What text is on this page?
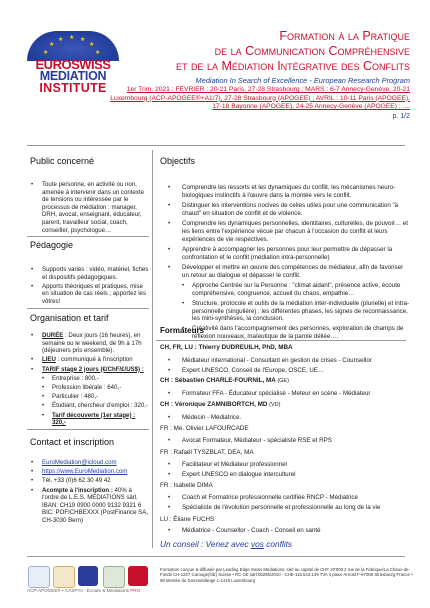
★
★
★ ★ ★
★
★
EUROSWISS
MEDIATION
INSTITUTE
Formation à la Pratique
de la Communication Compréhensive
et de la Médiation Intégrative des Conflits
Mediation In Search of Excellence - European Research Program
1er Trim. 2021 : FÉVRIER : 20-21 Paris, 27-28 Strasbourg ; MARS : 6-7 Annecy-Genève, 20-21 Luxembourg (ACP-APOGEE®+A1/7), 27-28 Strasbourg (APOGEE) ; AVRIL : 10-11 Paris (APOGEE), 17-18 Bayonne (APOGEE), 24-25 Annecy-Genève (APOGEE) ; ....
p. 1/2
Public concerné
• Toute personne, en activité ou non, amenée à intervenir dans un contexte de tensions ou intéressée par le processus de médiation : manager, DRH, avocat, enseignant, éducateur, parent, travailleur social, coach, conseiller, psychologue…
Pédagogie
• Supports variés : vidéo, matériel, fiches et dispositifs pédagogiques.
• Apports théoriques et pratiques, mise en situation de cas réels ; apportez les vôtres!
Organisation et tarif
• DURÉE : Deux jours (16 heures), en semaine ou le weekend, de 9h à 17h (déjeuners pris ensemble).
• LIEU : communiqué à l'inscription
• TARIF stage 2 jours (€/ChF/£/US$) :
• Entreprise : 800,-
• Profession libérale : 640,-
• Particulier : 480,-
• Étudiant, chercheur d'emploi : 320,-
• Tarif découverte (1er stage) : 320,-
Contact et inscription
• EuroMediation@icloud.com
• https://www.EuroMediation.com
• Tél. +33 (0)6 62 30 49 42
• Acompte à l'inscription : 40% à l'ordre de L.E.S. MEDIATIONS sàrl. IBAN: CH19 0900 0000 9132 9321 6 BIC: POFICHBEXXX (PostFinance SA, CH-3030 Bern)
Objectifs
• Comprendre les ressorts et les dynamiques du conflit, les mécanismes neuro-biologiques instinctifs à l'œuvre dans la montée vers le conflit.
• Distinguer les interventions nocives de celles utiles pour une communication "à chaud" en situation de conflit et de violence.
• Comprendre les dynamiques personnelles, identitaires, culturelles, de pouvoir… et les liens entre l'expérience vécue par chacun à l'occasion du conflit et leurs expériences de vie respectives.
• Apprendre à accompagner les personnes pour leur permettre de dépasser la confrontation et le conflit (médiation intra-personnelle)
• Développer et mettre en œuvre des compétences de médiateur, afin de favoriser un retour au dialogue et dépasser le conflit.
• Approche Centrée sur la Personne : "climat aidant", présence active, écoute compréhensive, congruence, accueil du chaos, empathie…
• Structure, protocole et outils de la médiation inter-individuelle (plurielle) et intra-personnelle (singulière) : les différentes phases, les signes de reconnaissance, les mini-synthèses, la conclusion.
• Créativité dans l'accompagnement des personnes, exploration de champs de réflexion nouveaux, maïeutique de la parole déliée….
Formateurs
CH, FR, LU : Thierry DUDREUILH, PhD, MBA
• Médiateur international - Consultant en gestion de crises - Counsellor
• Expert UNESCO, Conseil de l'Europe, OSCE, UE…
CH : Sébastien CHARLE-FOURNIL, MA (GE)
• Formateur FFA - Éducateur spécialisé - Meteur en scène - Médiateur
CH : Véronique ZAMNIBORTCH, MD (VD)
• Médecin - Médiatrice.
FR : Me. Olivier LAFOURCADE
• Avocat Formateur, Médiateur - spécialiste RSE et RPS
FR : Rafaël TYSZBLAT, DEA, MA
• Facilitateur et Médiateur professionnel
• Expert UNESCO en dialogue interculturel
FR : Isabelle DIMA
• Coach et Formatrice professionnelle certifiée RNCP - Médiatrice
• Spécialiste de l'évolution personnelle et professionnelle au long de la vie
LU : Éliane FUCHS
• Médiatrice - Counsellor - Coach - Conseil en santé
Un conseil : Venez avec vos conflits
ACP-APOGEE® • CASPYA : Écoute & Médiations PRO
Formation conçue & diffusée par Leading Edge Swiss Mediations, sàrl au capital de CHF 20'000 2 rue de la Fabrique/La Chaux-de-Fonds CH-1227 Carouge(GE) Suisse • RC GE sàrl.05295/2010 - CHE-115.543.149 TVA 4 place Arnold F-67000 Strasbourg France • 58 Montée de Dommeldange L-1419 Luxembourg
